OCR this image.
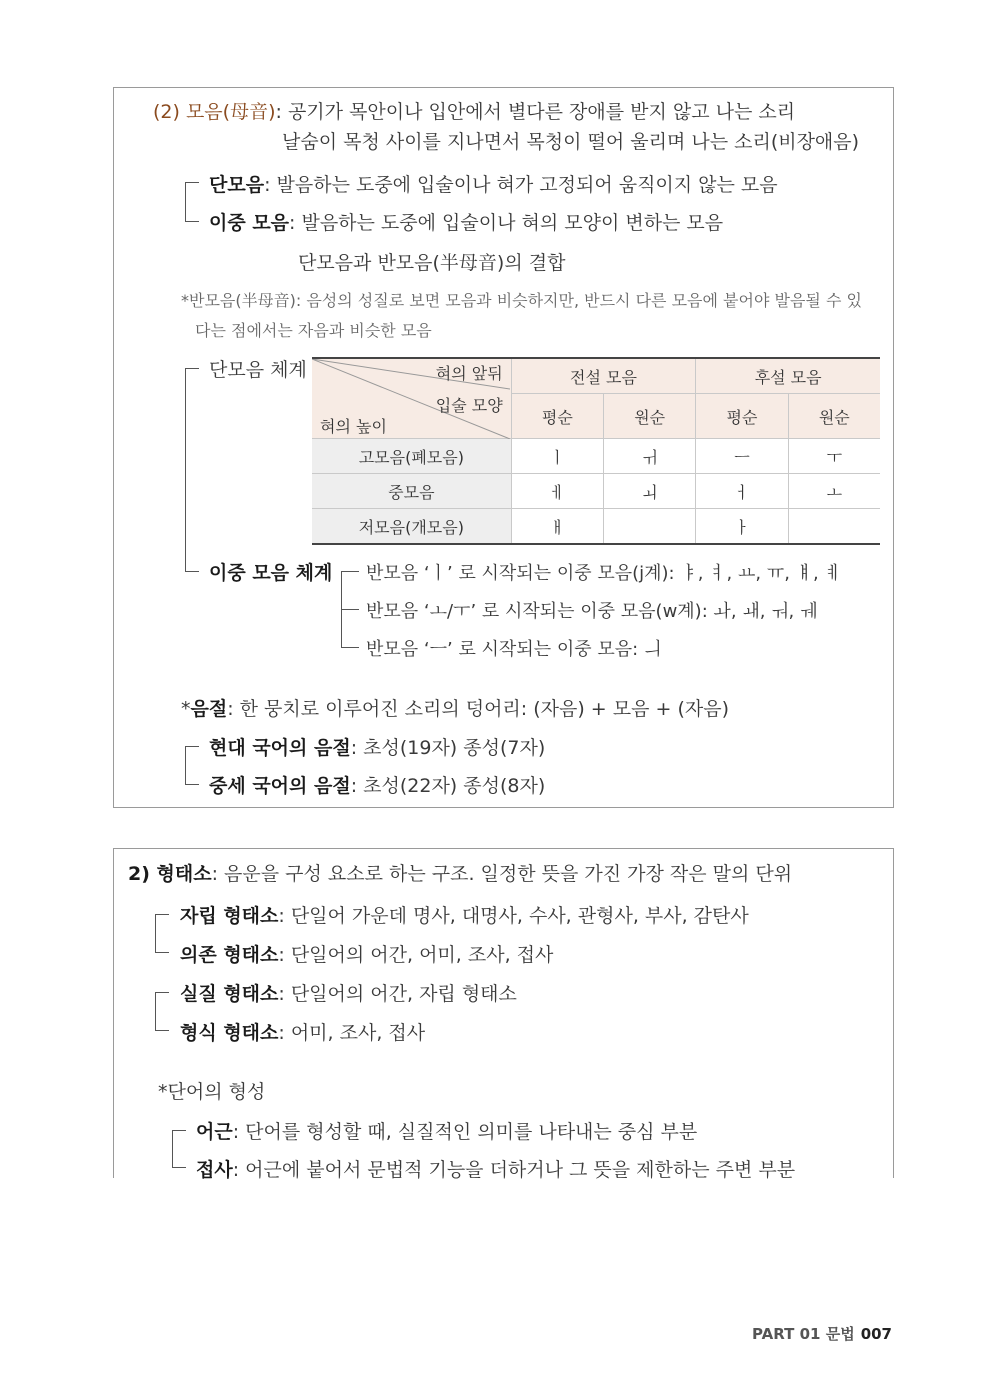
(2) 모음(母音): 공기가 목안이나 입안에서 별다른 장애를 받지 않고 나는 소리
날숨이 목청 사이를 지나면서 목청이 떨어 울리며 나는 소리(비장애음)
단모음: 발음하는 도중에 입술이나 혀가 고정되어 움직이지 않는 모음
이중 모음: 발음하는 도중에 입술이나 혀의 모양이 변하는 모음
단모음과 반모음(半母音)의 결합
*반모음(半母音): 음성의 성질로 보면 모음과 비슷하지만, 반드시 다른 모음에 붙어야 발음될 수 있
다는 점에서는 자음과 비슷한 모음
단모음 체계	혀의 앞뒤
입술 모양
혀의 높이	전설 모음		후설 모음	
	평순	원순	평순	원순
고모음(폐모음)	ㅣ	ㅟ	ㅡ	ㅜ
중모음	ㅔ	ㅚ	ㅓ	ㅗ
저모음(개모음)	ㅐ		ㅏ	
이중 모음 체계 반모음 ‘ㅣ’ 로 시작되는 이중 모음(j계): ㅑ, ㅕ, ㅛ, ㅠ, ㅒ, ㅖ
반모음 ‘ㅗ/ㅜ’ 로 시작되는 이중 모음(w계): ㅘ, ㅙ, ㅝ, ㅞ
반모음 ‘ㅡ’ 로 시작되는 이중 모음: ㅢ
*음절: 한 뭉치로 이루어진 소리의 덩어리: (자음) + 모음 + (자음)
현대 국어의 음절: 초성(19자) 종성(7자)
중세 국어의 음절: 초성(22자) 종성(8자)
2) 형태소: 음운을 구성 요소로 하는 구조. 일정한 뜻을 가진 가장 작은 말의 단위
자립 형태소: 단일어 가운데 명사, 대명사, 수사, 관형사, 부사, 감탄사
의존 형태소: 단일어의 어간, 어미, 조사, 접사
실질 형태소: 단일어의 어간, 자립 형태소
형식 형태소: 어미, 조사, 접사
*단어의 형성
어근: 단어를 형성할 때, 실질적인 의미를 나타내는 중심 부분
접사: 어근에 붙어서 문법적 기능을 더하거나 그 뜻을 제한하는 주변 부분
PART 01 문법 007
